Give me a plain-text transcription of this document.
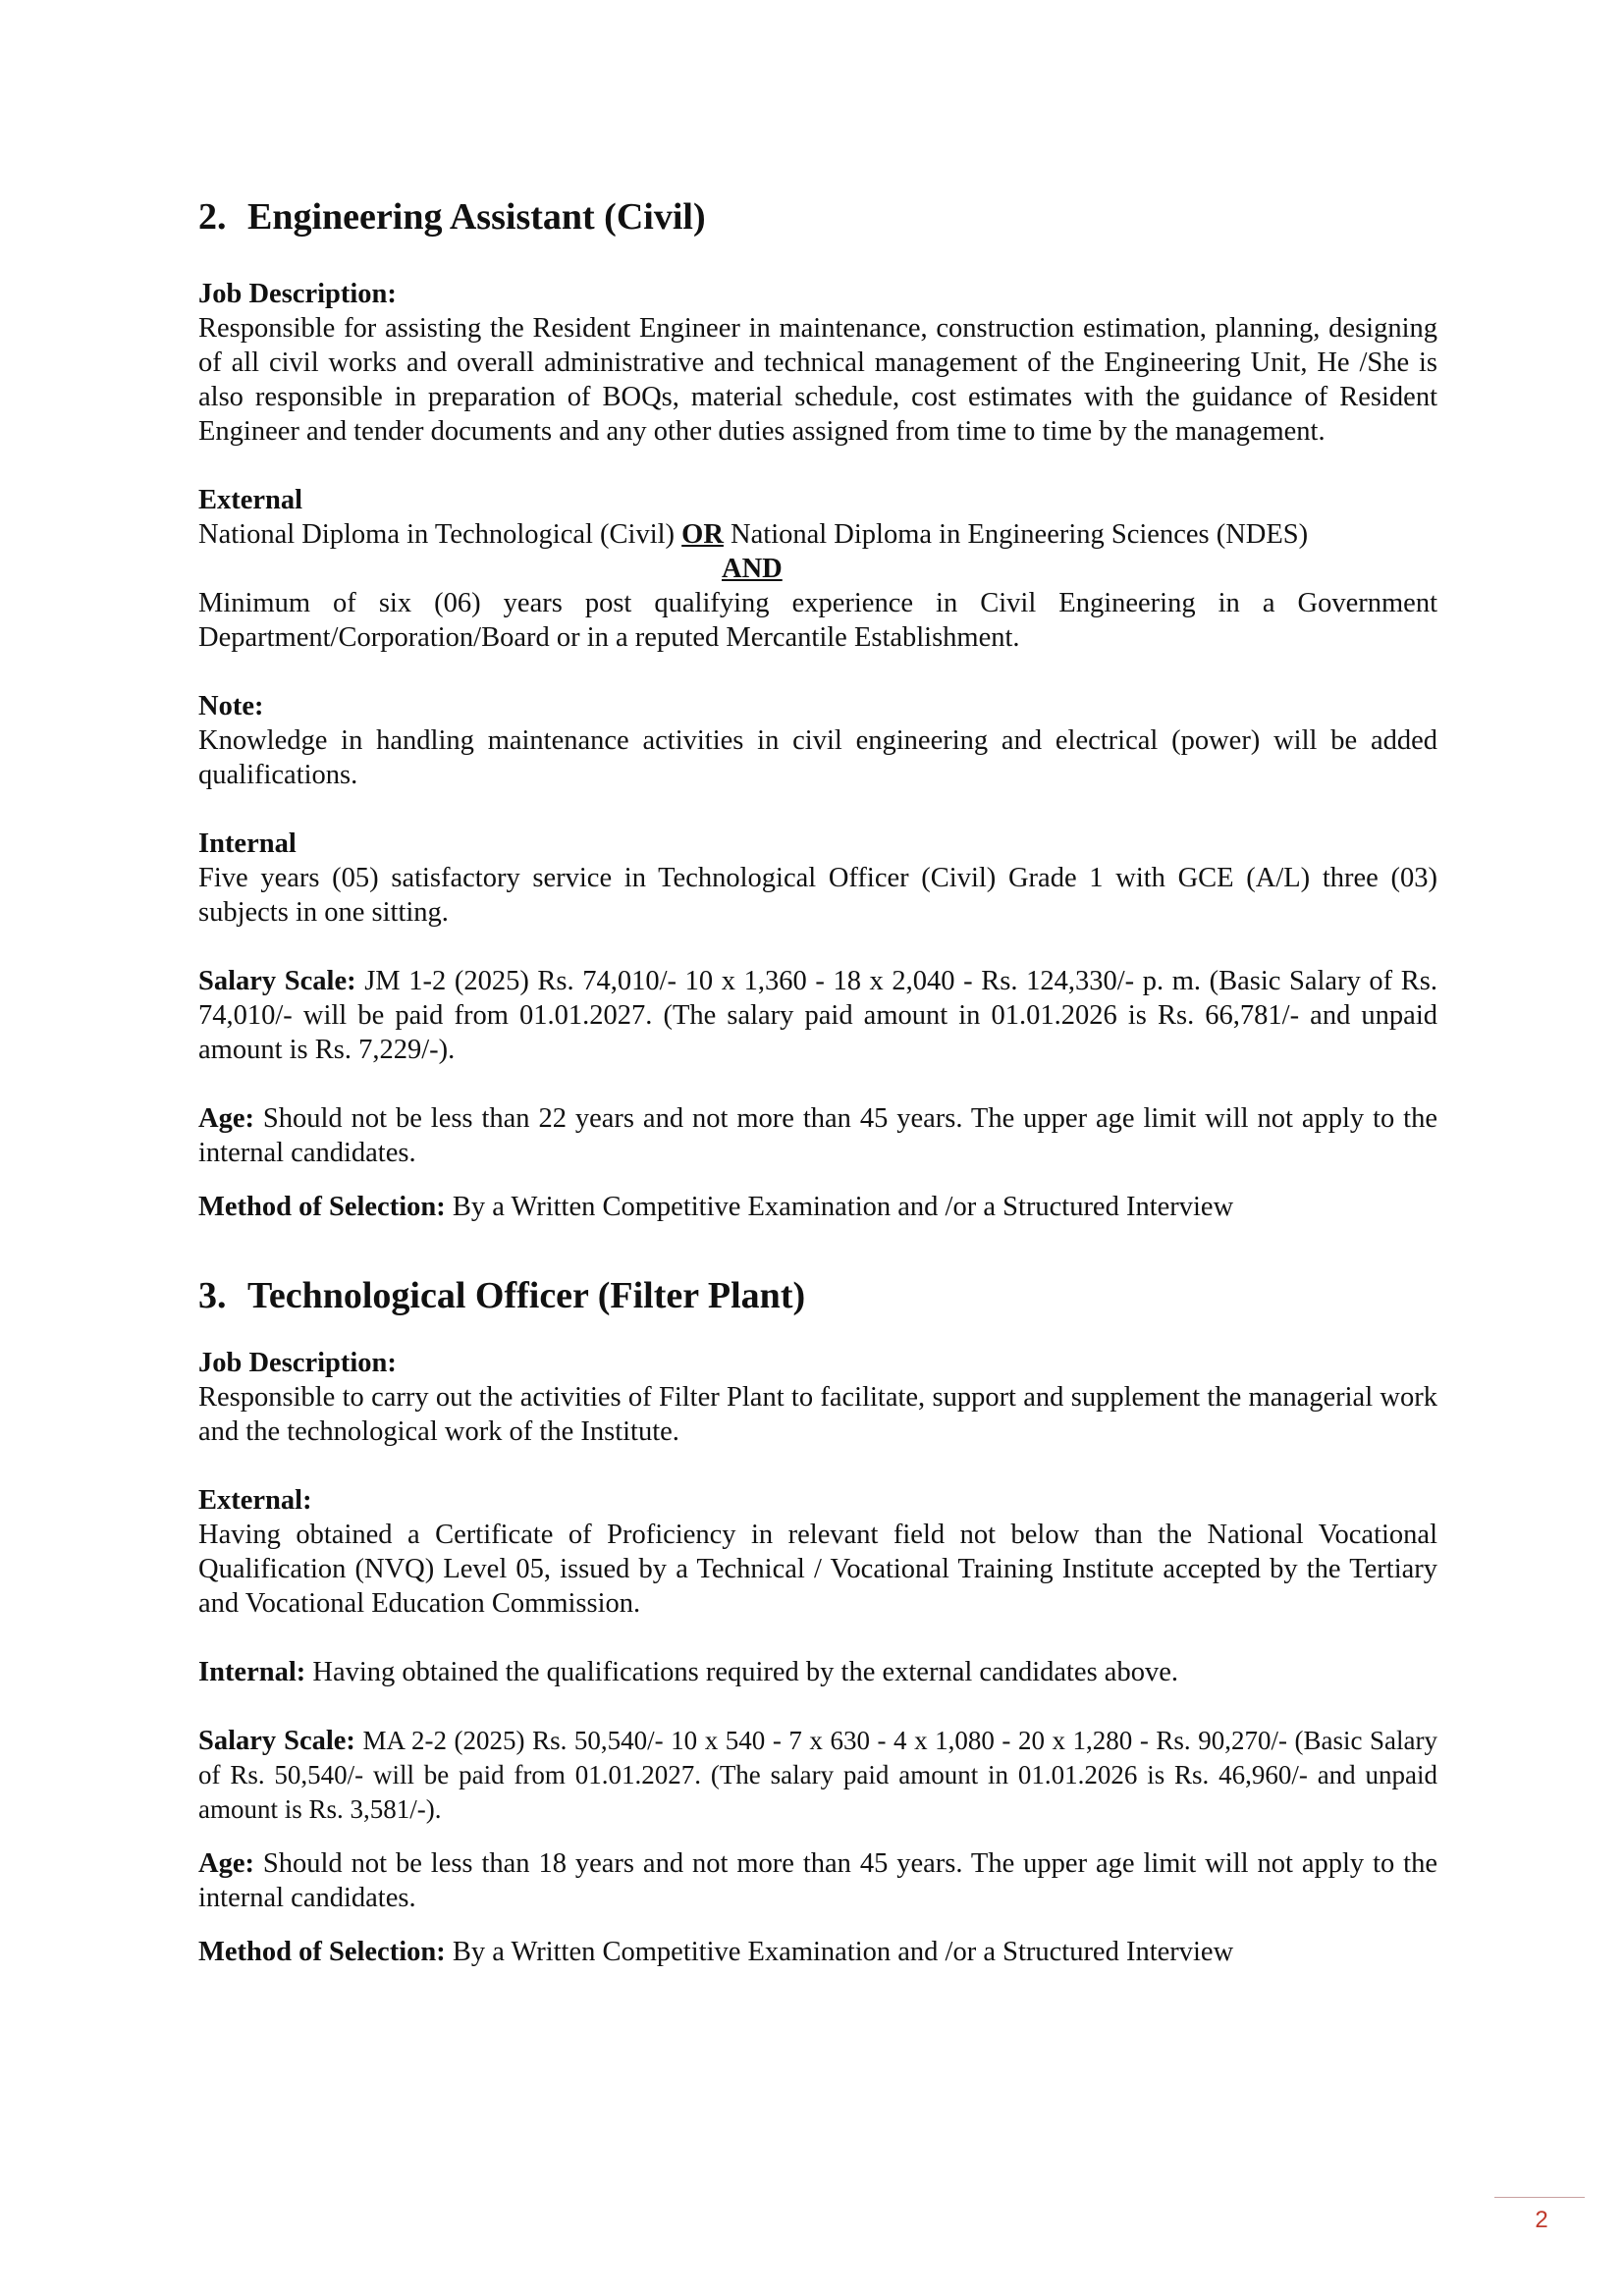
2. Engineering Assistant (Civil)

Job Description:

Responsible for assisting the Resident Engineer in maintenance, construction estimation, planning, designing of all civil works and overall administrative and technical management of the Engineering Unit, He /She is also responsible in preparation of BOQs, material schedule, cost estimates with the guidance of Resident Engineer and tender documents and any other duties assigned from time to time by the management.

External

National Diploma in Technological (Civil) OR National Diploma in Engineering Sciences (NDES)

AND

Minimum of six (06) years post qualifying experience in Civil Engineering in a Government Department/Corporation/Board or in a reputed Mercantile Establishment.

Note:

Knowledge in handling maintenance activities in civil engineering and electrical (power) will be added qualifications.

Internal

Five years (05) satisfactory service in Technological Officer (Civil) Grade 1 with GCE (A/L) three (03) subjects in one sitting.

Salary Scale: JM 1-2 (2025) Rs. 74,010/- 10 x 1,360 - 18 x 2,040 - Rs. 124,330/- p. m. (Basic Salary of Rs. 74,010/- will be paid from 01.01.2027. (The salary paid amount in 01.01.2026 is Rs. 66,781/- and unpaid amount is Rs. 7,229/-).

Age: Should not be less than 22 years and not more than 45 years. The upper age limit will not apply to the internal candidates.

Method of Selection: By a Written Competitive Examination and /or a Structured Interview

3. Technological Officer (Filter Plant)

Job Description:

Responsible to carry out the activities of Filter Plant to facilitate, support and supplement the managerial work and the technological work of the Institute.

External:

Having obtained a Certificate of Proficiency in relevant field not below than the National Vocational Qualification (NVQ) Level 05, issued by a Technical / Vocational Training Institute accepted by the Tertiary and Vocational Education Commission.

Internal: Having obtained the qualifications required by the external candidates above.

Salary Scale: MA 2-2 (2025) Rs. 50,540/- 10 x 540 - 7 x 630 - 4 x 1,080 - 20 x 1,280 - Rs. 90,270/- (Basic Salary of Rs. 50,540/- will be paid from 01.01.2027. (The salary paid amount in 01.01.2026 is Rs. 46,960/- and unpaid amount is Rs. 3,581/-).

Age: Should not be less than 18 years and not more than 45 years. The upper age limit will not apply to the internal candidates.

Method of Selection: By a Written Competitive Examination and /or a Structured Interview

2
